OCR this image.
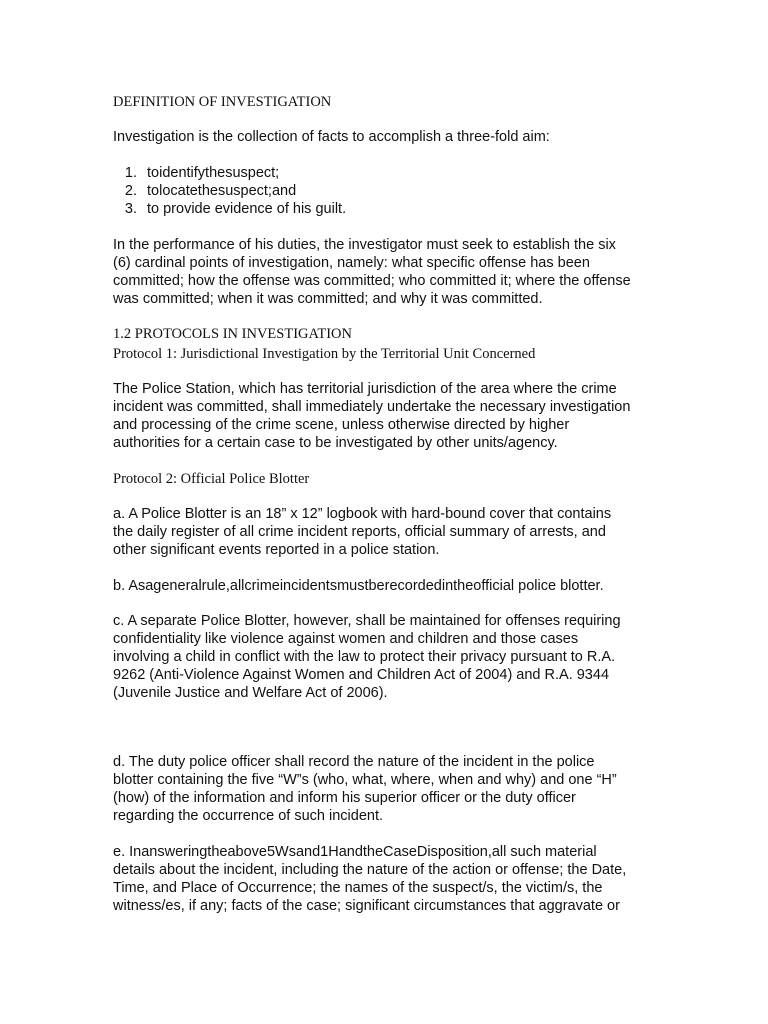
DEFINITION OF INVESTIGATION
Investigation is the collection of facts to accomplish a three-fold aim:
1. toidentifythesuspect;
2. tolocatethesuspect;and
3. to provide evidence of his guilt.
In the performance of his duties, the investigator must seek to establish the six
(6) cardinal points of investigation, namely: what specific offense has been
committed; how the offense was committed; who committed it; where the offense
was committed; when it was committed; and why it was committed.
1.2 PROTOCOLS IN INVESTIGATION
Protocol 1: Jurisdictional Investigation by the Territorial Unit Concerned
The Police Station, which has territorial jurisdiction of the area where the crime
incident was committed, shall immediately undertake the necessary investigation
and processing of the crime scene, unless otherwise directed by higher
authorities for a certain case to be investigated by other units/agency.
Protocol 2: Official Police Blotter
a. A Police Blotter is an 18” x 12” logbook with hard-bound cover that contains
the daily register of all crime incident reports, official summary of arrests, and
other significant events reported in a police station.
b. Asageneralrule,allcrimeincidentsmustberecordedintheofficial police blotter.
c. A separate Police Blotter, however, shall be maintained for offenses requiring
confidentiality like violence against women and children and those cases
involving a child in conflict with the law to protect their privacy pursuant to R.A.
9262 (Anti-Violence Against Women and Children Act of 2004) and R.A. 9344
(Juvenile Justice and Welfare Act of 2006).
d. The duty police officer shall record the nature of the incident in the police
blotter containing the five “W”s (who, what, where, when and why) and one “H”
(how) of the information and inform his superior officer or the duty officer
regarding the occurrence of such incident.
e. Inansweringtheabove5Wsand1HandtheCaseDisposition,all such material
details about the incident, including the nature of the action or offense; the Date,
Time, and Place of Occurrence; the names of the suspect/s, the victim/s, the
witness/es, if any; facts of the case; significant circumstances that aggravate or
